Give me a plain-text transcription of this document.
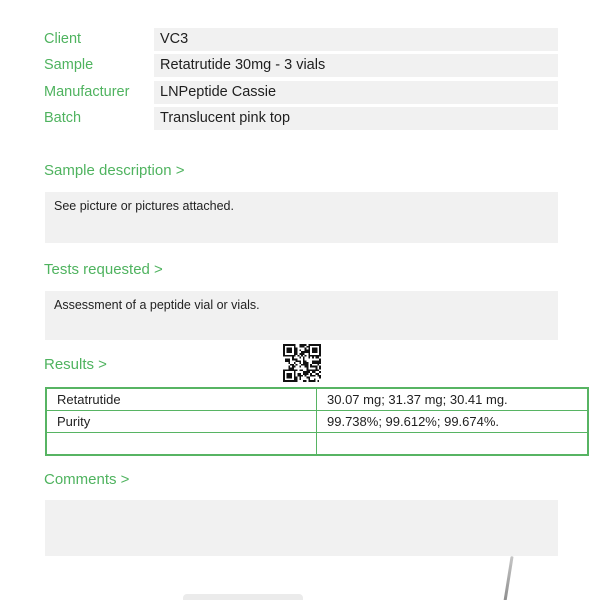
Client	VC3
Sample	Retatrutide 30mg - 3 vials
Manufacturer	LNPeptide Cassie
Batch	Translucent pink top
Sample description >
See picture or pictures attached.
Tests requested >
Assessment of a peptide vial or vials.
Results >
Retatrutide	30.07 mg; 31.37 mg; 30.41 mg.
Purity	99.738%; 99.612%; 99.674%.

Comments >
